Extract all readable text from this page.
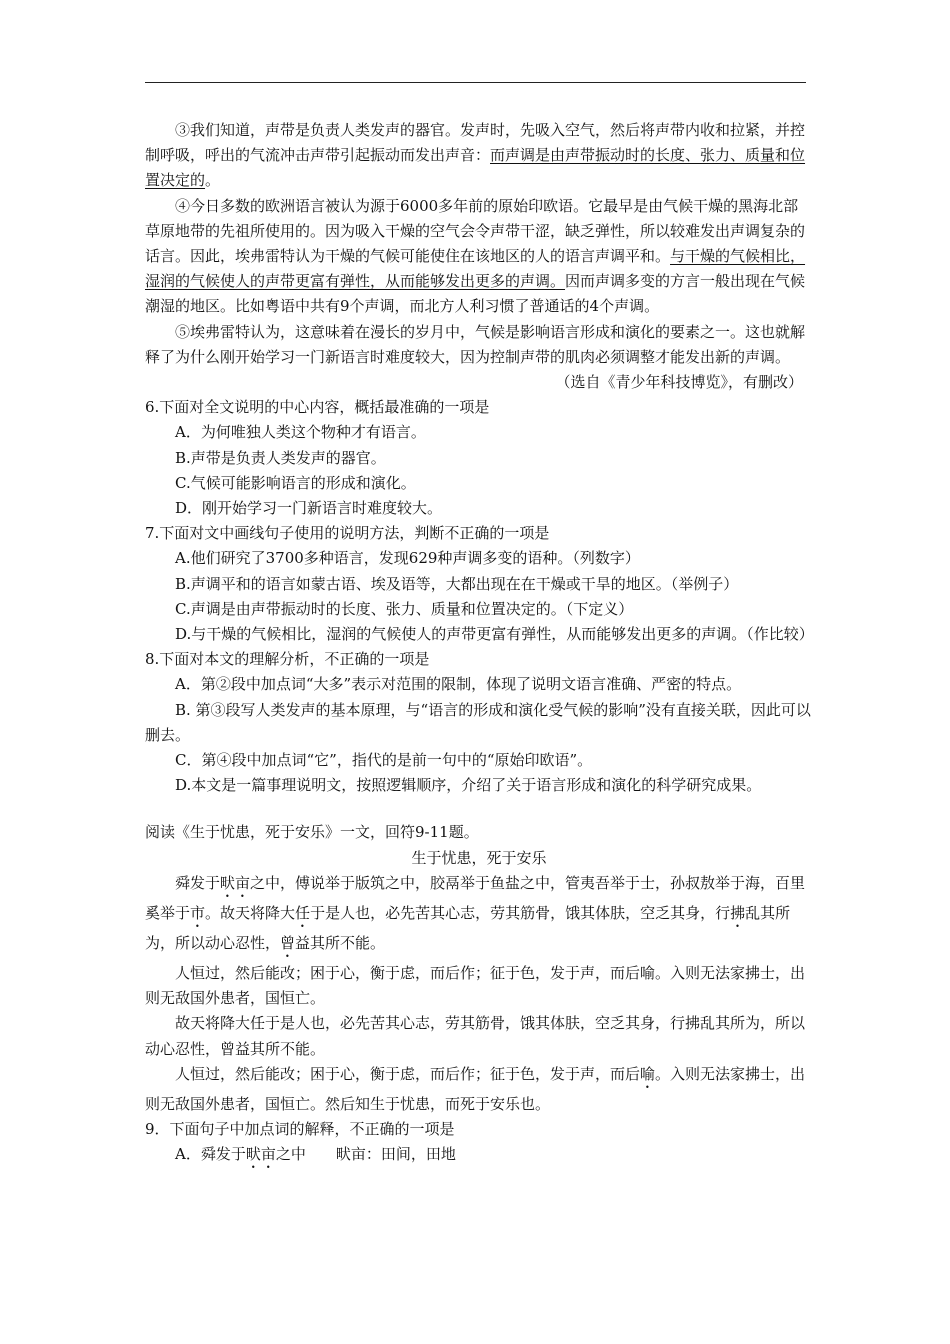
③我们知道，声带是负责人类发声的器官。发声时，先吸入空气，然后将声带内收和拉紧，并控制呼吸，呼出的气流冲击声带引起振动而发出声音：而声调是由声带振动时的长度、张力、质量和位置决定的。

④今日多数的欧洲语言被认为源于6000多年前的原始印欧语。它最早是由气候干燥的黑海北部草原地带的先祖所使用的。因为吸入干燥的空气会令声带干涩，缺乏弹性，所以较难发出声调复杂的话言。因此，埃弗雷特认为干燥的气候可能使住在该地区的人的语言声调平和。与干燥的气候相比，湿润的气候使人的声带更富有弹性，从而能够发出更多的声调。因而声调多变的方言一般出现在气候潮湿的地区。比如粤语中共有9个声调，而北方人利习惯了普通话的4个声调。

⑤埃弗雷特认为，这意味着在漫长的岁月中，气候是影响语言形成和演化的要素之一。这也就解释了为什么刚开始学习一门新语言时难度较大，因为控制声带的肌肉必须调整才能发出新的声调。

（选自《青少年科技博览》，有删改）

6.下面对全文说明的中心内容，概括最准确的一项是

A．为何唯独人类这个物种才有语言。

B.声带是负责人类发声的器官。

C.气候可能影响语言的形成和演化。

D．刚开始学习一门新语言时难度较大。

7.下面对文中画线句子使用的说明方法，判断不正确的一项是

A.他们研究了3700多种语言，发现629种声调多变的语种。（列数字）

B.声调平和的语言如蒙古语、埃及语等，大都出现在在干燥或干旱的地区。（举例子）

C.声调是由声带振动时的长度、张力、质量和位置决定的。（下定义）

D.与干燥的气候相比，湿润的气候使人的声带更富有弹性，从而能够发出更多的声调。（作比较）

8.下面对本文的理解分析，不正确的一项是

A．第②段中加点词“大多”表示对范围的限制，体现了说明文语言准确、严密的特点。

B. 第③段写人类发声的基本原理，与“语言的形成和演化受气候的影响”没有直接关联，因此可以删去。

C．第④段中加点词“它”，指代的是前一句中的“原始印欧语”。

D.本文是一篇事理说明文，按照逻辑顺序，介绍了关于语言形成和演化的科学研究成果。

阅读《生于忧患，死于安乐》一文，回符9-11题。

生于忧患，死于安乐

舜发于畎亩之中，傅说举于版筑之中，胶鬲举于鱼盐之中，管夷吾举于士，孙叔敖举于海，百里奚举于市。故天将降大任于是人也，必先苦其心志，劳其筋骨，饿其体肤，空乏其身，行拂乱其所为，所以动心忍性，曾益其所不能。

人恒过，然后能改；困于心，衡于虑，而后作；征于色，发于声，而后喻。入则无法家拂士，出则无敌国外患者，国恒亡。

故天将降大任于是人也，必先苦其心志，劳其筋骨，饿其体肤，空乏其身，行拂乱其所为，所以动心忍性，曾益其所不能。

人恒过，然后能改；困于心，衡于虑，而后作；征于色，发于声，而后喻。入则无法家拂士，出则无敌国外患者，国恒亡。然后知生于忧患，而死于安乐也。

9．下面句子中加点词的解释，不正确的一项是

A．舜发于畎亩之中 畎亩：田间，田地
